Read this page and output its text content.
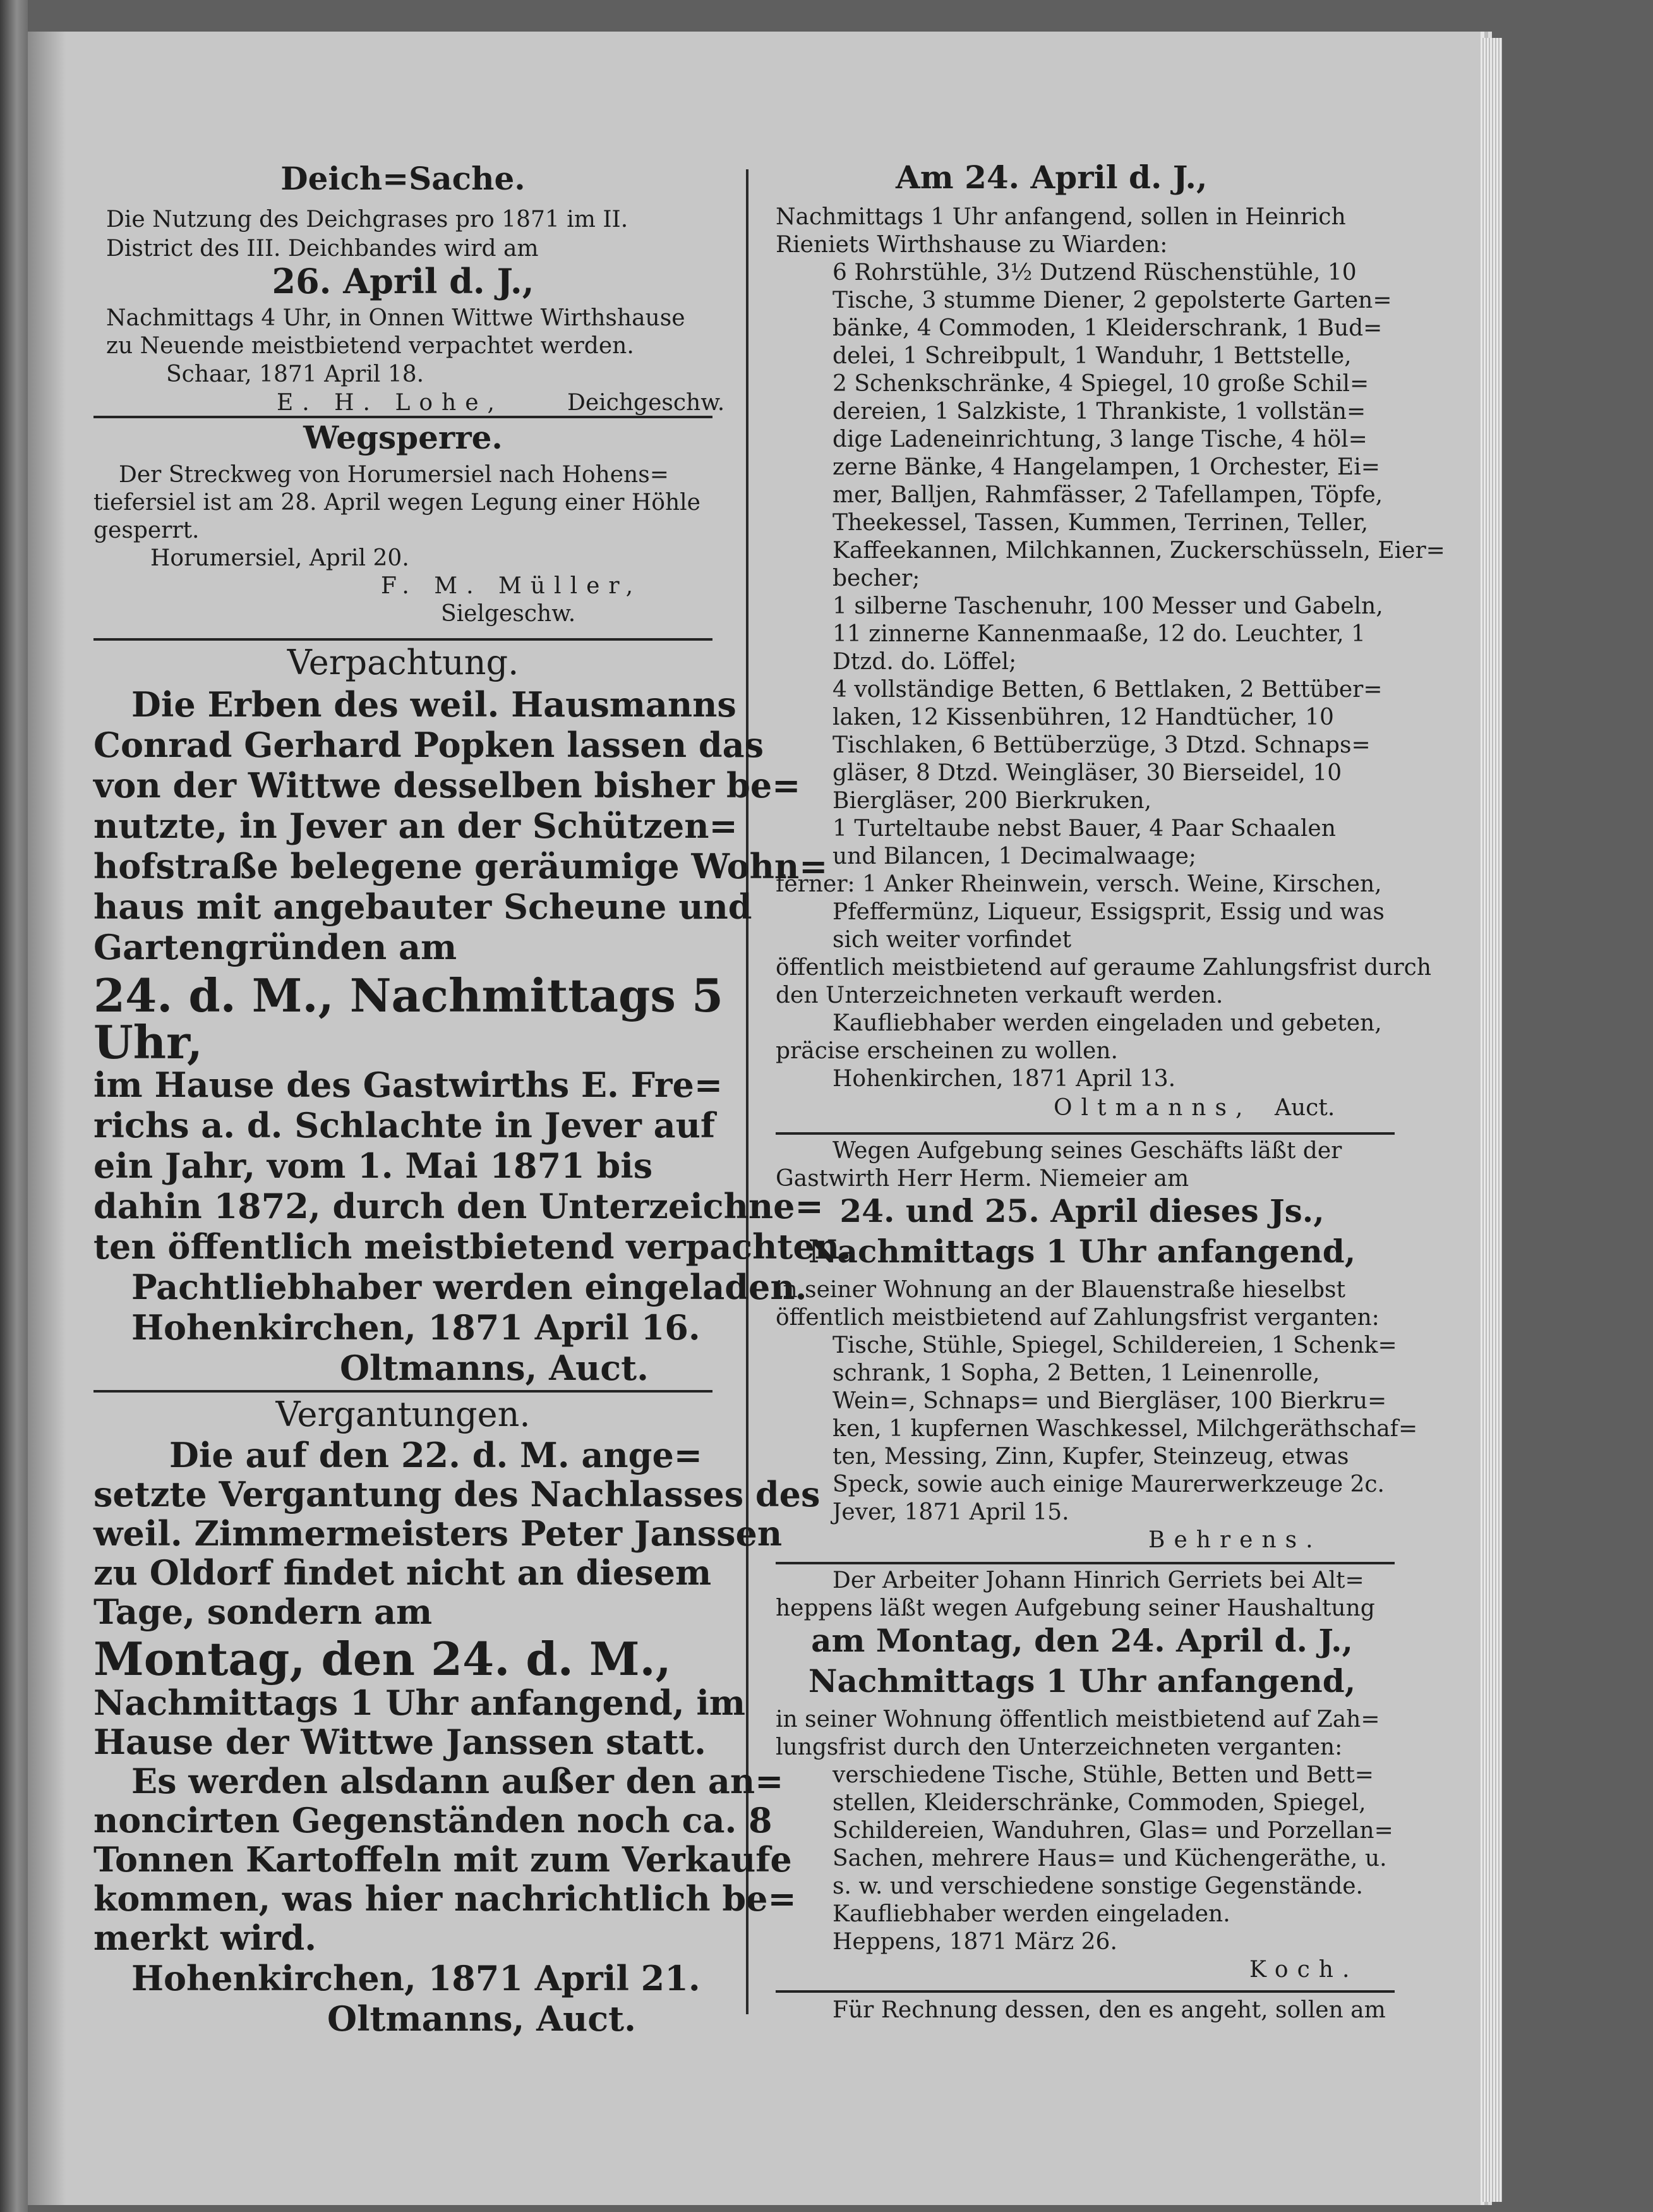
Deich=Sache.
Die Nutzung des Deichgrases pro 1871 im II.
District des III. Deichbandes wird am
26. April d. J.,
Nachmittags 4 Uhr, in Onnen Wittwe Wirthshause
zu Neuende meistbietend verpachtet werden.
Schaar, 1871 April 18.
E. H. Lohe,	Deichgeschw.
Wegsperre.
Der Streckweg von Horumersiel nach Hohens=
tiefersiel ist am 28. April wegen Legung einer Höhle
gesperrt.
Horumersiel, April 20.
F. M. Müller,
Sielgeschw.
Verpachtung.
Die Erben des weil. Hausmanns
Conrad Gerhard Popken lassen das
von der Wittwe desselben bisher be=
nutzte, in Jever an der Schützen=
hofstraße belegene geräumige Wohn=
haus mit angebauter Scheune und
Gartengründen am
24. d. M., Nachmittags 5
Uhr,
im Hause des Gastwirths E. Fre=
richs a. d. Schlachte in Jever auf
ein Jahr, vom 1. Mai 1871 bis
dahin 1872, durch den Unterzeichne=
ten öffentlich meistbietend verpachten.
Pachtliebhaber werden eingeladen.
Hohenkirchen, 1871 April 16.
Oltmanns, Auct.
Vergantungen.
Die auf den 22. d. M. ange=
setzte Vergantung des Nachlasses des
weil. Zimmermeisters Peter Janssen
zu Oldorf findet nicht an diesem
Tage, sondern am
Montag, den 24. d. M.,
Nachmittags 1 Uhr anfangend, im
Hause der Wittwe Janssen statt.
Es werden alsdann außer den an=
noncirten Gegenständen noch ca. 8
Tonnen Kartoffeln mit zum Verkaufe
kommen, was hier nachrichtlich be=
merkt wird.
Hohenkirchen, 1871 April 21.
Oltmanns, Auct.
Am 24. April d. J.,
Nachmittags 1 Uhr anfangend, sollen in Heinrich
Rieniets Wirthshause zu Wiarden:
6 Rohrstühle, 3½ Dutzend Rüschenstühle, 10
Tische, 3 stumme Diener, 2 gepolsterte Garten=
bänke, 4 Commoden, 1 Kleiderschrank, 1 Bud=
delei, 1 Schreibpult, 1 Wanduhr, 1 Bettstelle,
2 Schenkschränke, 4 Spiegel, 10 große Schil=
dereien, 1 Salzkiste, 1 Thrankiste, 1 vollstän=
dige Ladeneinrichtung, 3 lange Tische, 4 höl=
zerne Bänke, 4 Hangelampen, 1 Orchester, Ei=
mer, Balljen, Rahmfässer, 2 Tafellampen, Töpfe,
Theekessel, Tassen, Kummen, Terrinen, Teller,
Kaffeekannen, Milchkannen, Zuckerschüsseln, Eier=
becher;
1 silberne Taschenuhr, 100 Messer und Gabeln,
11 zinnerne Kannenmaaße, 12 do. Leuchter, 1
Dtzd. do. Löffel;
4 vollständige Betten, 6 Bettlaken, 2 Bettüber=
laken, 12 Kissenbühren, 12 Handtücher, 10
Tischlaken, 6 Bettüberzüge, 3 Dtzd. Schnaps=
gläser, 8 Dtzd. Weingläser, 30 Bierseidel, 10
Biergläser, 200 Bierkruken,
1 Turteltaube nebst Bauer, 4 Paar Schaalen
und Bilancen, 1 Decimalwaage;
ferner: 1 Anker Rheinwein, versch. Weine, Kirschen,
Pfeffermünz, Liqueur, Essigsprit, Essig und was
sich weiter vorfindet
öffentlich meistbietend auf geraume Zahlungsfrist durch
den Unterzeichneten verkauft werden.
Kaufliebhaber werden eingeladen und gebeten,
präcise erscheinen zu wollen.
Hohenkirchen, 1871 April 13.
Oltmanns, Auct.
Wegen Aufgebung seines Geschäfts läßt der
Gastwirth Herr Herm. Niemeier am
24. und 25. April dieses Js.,
Nachmittags 1 Uhr anfangend,
in seiner Wohnung an der Blauenstraße hieselbst
öffentlich meistbietend auf Zahlungsfrist verganten:
Tische, Stühle, Spiegel, Schildereien, 1 Schenk=
schrank, 1 Sopha, 2 Betten, 1 Leinenrolle,
Wein=, Schnaps= und Biergläser, 100 Bierkru=
ken, 1 kupfernen Waschkessel, Milchgeräthschaf=
ten, Messing, Zinn, Kupfer, Steinzeug, etwas
Speck, sowie auch einige Maurerwerkzeuge 2c.
Jever, 1871 April 15.
Behrens.
Der Arbeiter Johann Hinrich Gerriets bei Alt=
heppens läßt wegen Aufgebung seiner Haushaltung
am Montag, den 24. April d. J.,
Nachmittags 1 Uhr anfangend,
in seiner Wohnung öffentlich meistbietend auf Zah=
lungsfrist durch den Unterzeichneten verganten:
verschiedene Tische, Stühle, Betten und Bett=
stellen, Kleiderschränke, Commoden, Spiegel,
Schildereien, Wanduhren, Glas= und Porzellan=
Sachen, mehrere Haus= und Küchengeräthe, u.
s. w. und verschiedene sonstige Gegenstände.
Kaufliebhaber werden eingeladen.
Heppens, 1871 März 26.
Koch.
Für Rechnung dessen, den es angeht, sollen am
